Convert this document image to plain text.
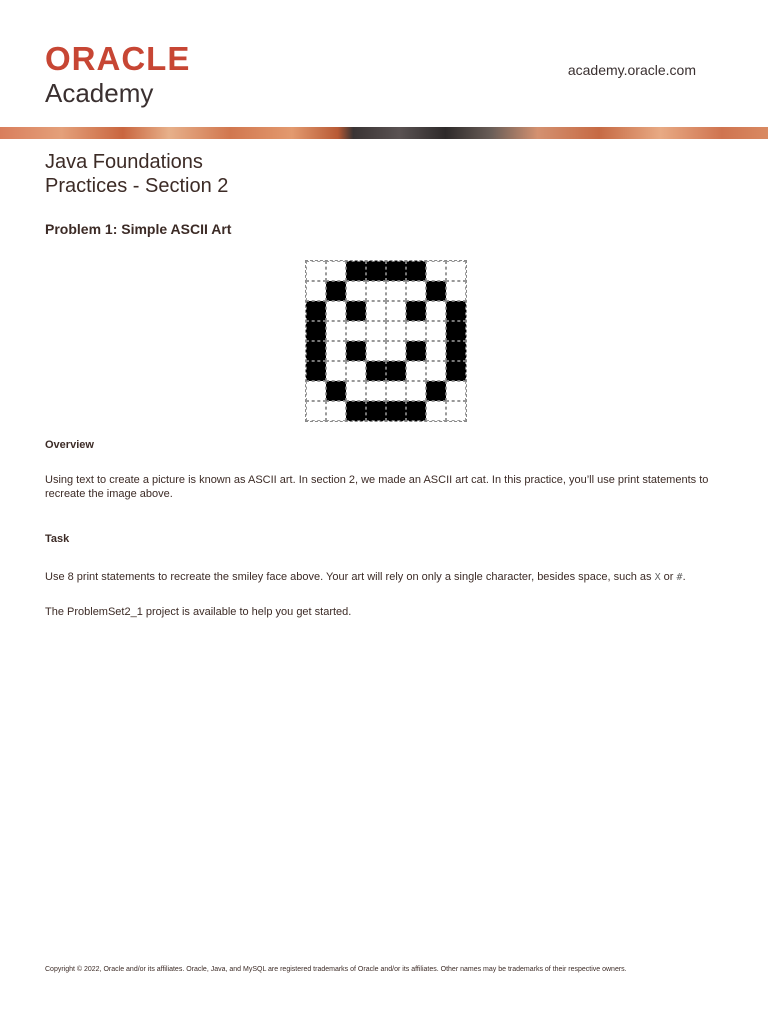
ORACLE
Academy
academy.oracle.com
Java Foundations
Practices - Section 2
Problem 1: Simple ASCII Art
Overview
Using text to create a picture is known as ASCII art. In section 2, we made an ASCII art cat. In this practice, you’ll use print statements to recreate the image above.
Task
Use 8 print statements to recreate the smiley face above. Your art will rely on only a single character, besides space, such as X or #.
The ProblemSet2_1 project is available to help you get started.
Copyright © 2022, Oracle and/or its affiliates. Oracle, Java, and MySQL are registered trademarks of Oracle and/or its affiliates. Other names may be trademarks of their respective owners.
